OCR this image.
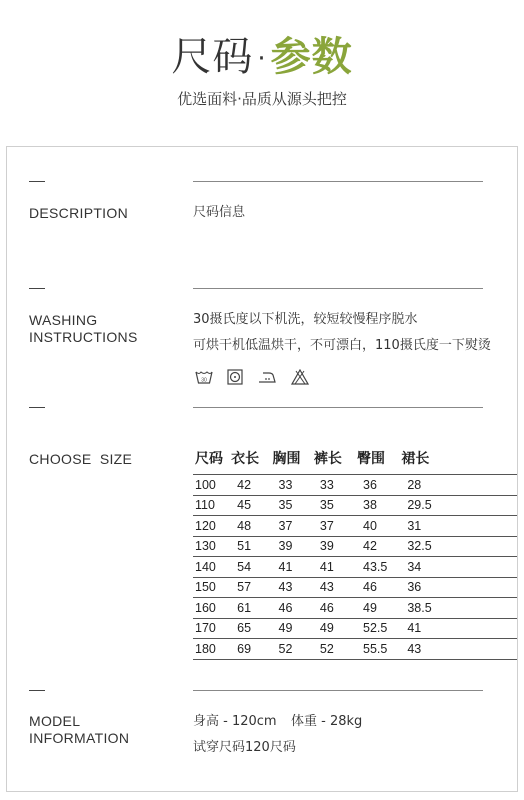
尺码 · 参数
优选面料·品质从源头把控
DESCRIPTION	尺码信息
WASHING
INSTRUCTIONS
30摄氏度以下机洗，较短较慢程序脱水
可烘干机低温烘干，不可漂白，110摄氏度一下熨烫
30
CHOOSE  SIZE	尺码	衣长	胸围	裤长	臀围	裙长
100	42	33	33	36	28
110	45	35	35	38	29.5
120	48	37	37	40	31
130	51	39	39	42	32.5
140	54	41	41	43.5	34
150	57	43	43	46	36
160	61	46	46	49	38.5
170	65	49	49	52.5	41
180	69	52	52	55.5	43
MODEL
INFORMATION
身高 - 120cm 体重 - 28kg
试穿尺码120尺码
